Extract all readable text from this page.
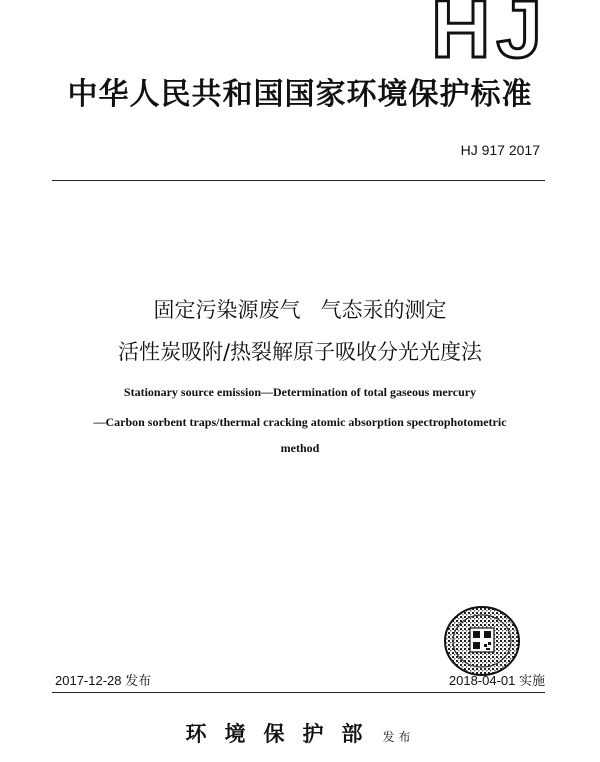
HJ
中华人民共和国国家环境保护标准
HJ 917 2017
固定污染源废气   气态汞的测定
活性炭吸附/热裂解原子吸收分光光度法
Stationary source emission—Determination of total gaseous mercury
—Carbon sorbent traps/thermal cracking atomic absorption spectrophotometric
method
2017-12-28 发布	2018-04-01 实施
环境保护部 发布
